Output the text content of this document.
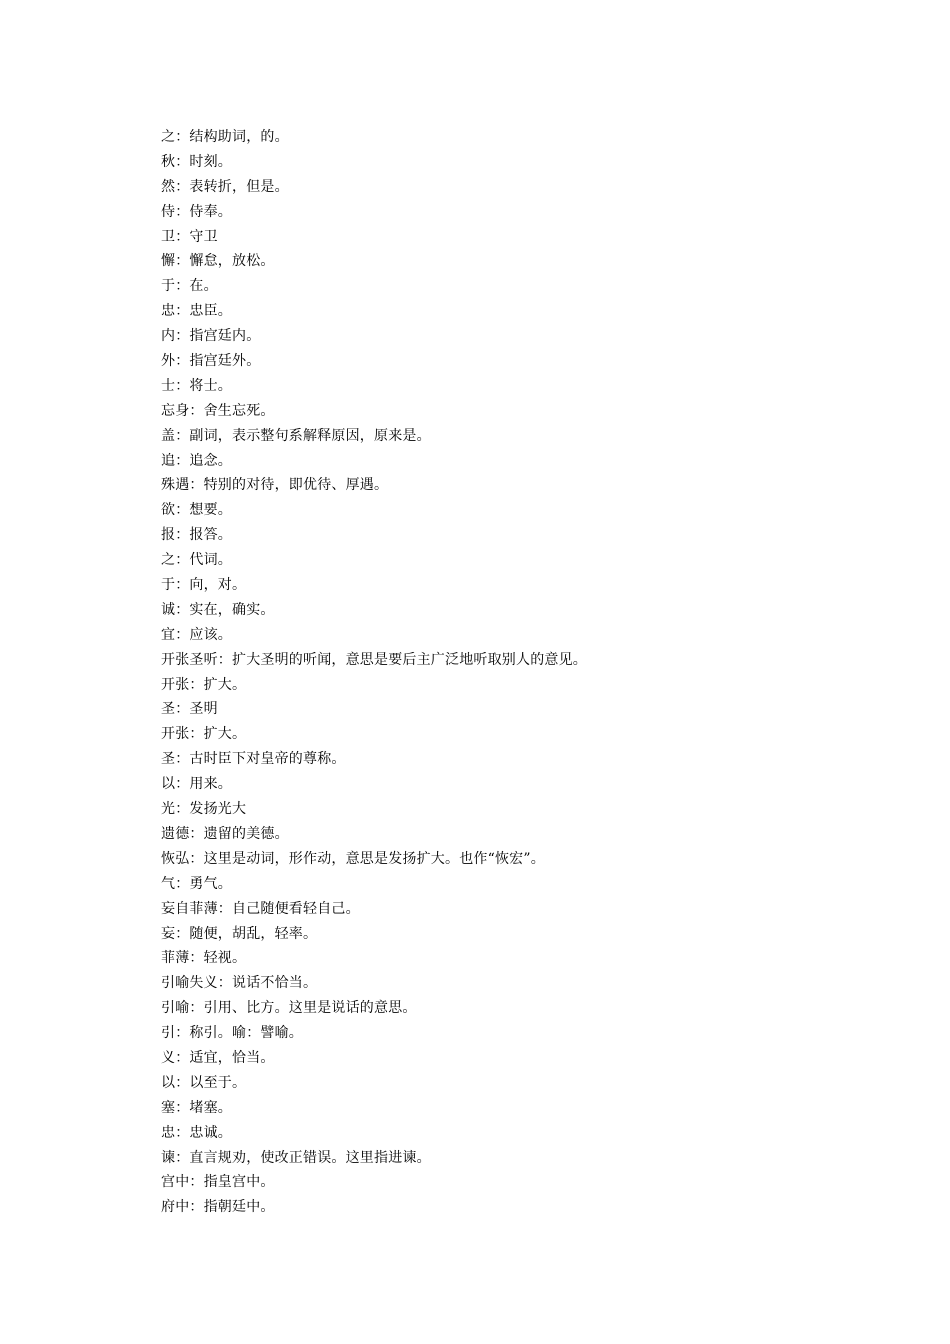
之：结构助词，的。
秋：时刻。
然：表转折，但是。
侍：侍奉。
卫：守卫
懈：懈怠，放松。
于：在。
忠：忠臣。
内：指宫廷内。
外：指宫廷外。
士：将士。
忘身：舍生忘死。
盖：副词，表示整句系解释原因，原来是。
追：追念。
殊遇：特别的对待，即优待、厚遇。
欲：想要。
报：报答。
之：代词。
于：向，对。
诚：实在，确实。
宜：应该。
开张圣听：扩大圣明的听闻，意思是要后主广泛地听取别人的意见。
开张：扩大。
圣：圣明
开张：扩大。
圣：古时臣下对皇帝的尊称。
以：用来。
光：发扬光大
遗德：遗留的美德。
恢弘：这里是动词，形作动，意思是发扬扩大。也作“恢宏”。
气：勇气。
妄自菲薄：自己随便看轻自己。
妄：随便，胡乱，轻率。
菲薄：轻视。
引喻失义：说话不恰当。
引喻：引用、比方。这里是说话的意思。
引：称引。喻：譬喻。
义：适宜，恰当。
以：以至于。
塞：堵塞。
忠：忠诚。
谏：直言规劝，使改正错误。这里指进谏。
宫中：指皇宫中。
府中：指朝廷中。
